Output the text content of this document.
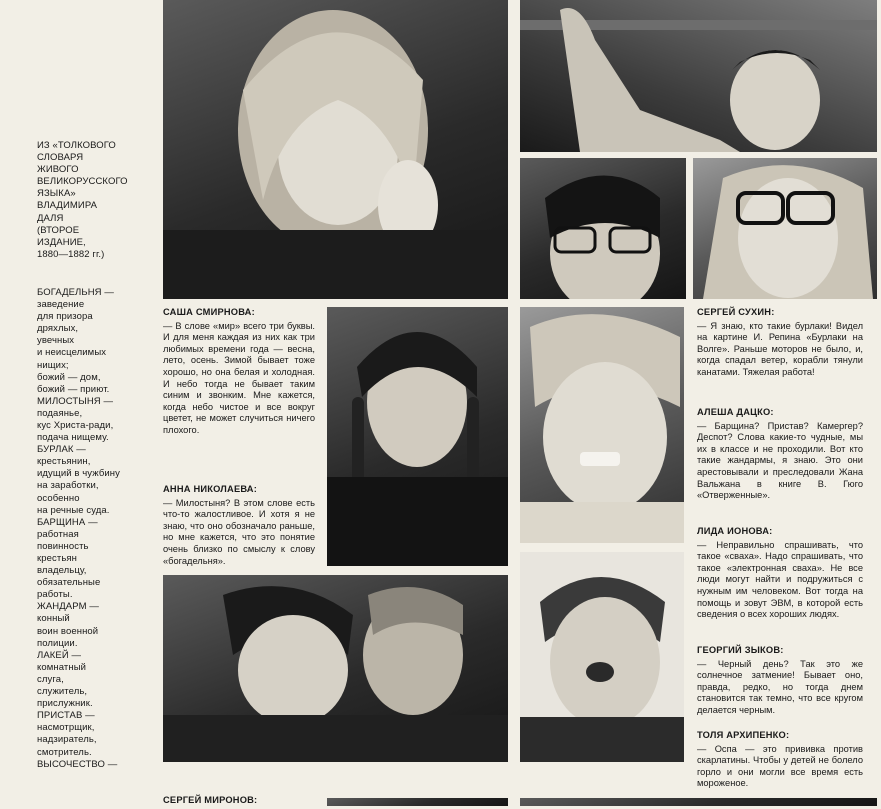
ИЗ «ТОЛКОВОГО
СЛОВАРЯ
ЖИВОГО
ВЕЛИКОРУССКОГО
ЯЗЫКА»
ВЛАДИМИРА
ДАЛЯ
(ВТОРОЕ
ИЗДАНИЕ,
1880—1882 гг.)

БОГАДЕЛЬНЯ —

заведение

для призора

дряхлых,

увечных

и неисцелимых

нищих;

божий — дом,

божий — приют.

МИЛОСТЫНЯ —

подаянье,

кус Христа-ради,

подача нищему.

БУРЛАК —

крестьянин,

идущий в чужбину

на заработки,

особенно

на речные суда.

БАРЩИНА —

работная

повинность

крестьян

владельцу,

обязательные

работы.

ЖАНДАРМ —

конный

воин военной

полиции.

ЛАКЕЙ —

комнатный

слуга,

служитель,

прислужник.

ПРИСТАВ —

насмотрщик,

надзиратель,

смотритель.

ВЫСОЧЕСТВО —

САША СМИРНОВА:
— В слове «мир» всего три буквы. И для меня каждая из них как три любимых времени года — весна, лето, осень. Зимой бывает тоже хорошо, но она белая и холодная. И небо тогда не бывает таким синим и звонким. Мне кажется, когда небо чистое и все вокруг цветет, не может случиться ничего плохого.
АННА НИКОЛАЕВА:
— Милостыня? В этом слове есть что-то жалостливое. И хотя я не знаю, что оно обозначало раньше, но мне кажется, что это понятие очень близко по смыслу к слову «богадельня».
СЕРГЕЙ МИРОНОВ:
СЕРГЕЙ СУХИН:
— Я знаю, кто такие бурлаки! Видел на картине И. Репина «Бурлаки на Волге». Раньше моторов не было, и, когда спадал ветер, корабли тянули канатами. Тяжелая работа!
АЛЕША ДАЦКО:
— Барщина? Пристав? Камергер? Деспот? Слова какие-то чудные, мы их в классе и не проходили. Вот кто такие жандармы, я знаю. Это они арестовывали и преследовали Жана Вальжана в книге В. Гюго «Отверженные».
ЛИДА ИОНОВА:
— Неправильно спрашивать, что такое «сваха». Надо спрашивать, что такое «электронная сваха». Не все люди могут найти и подружиться с нужным им человеком. Вот тогда на помощь и зовут ЭВМ, в которой есть сведения о всех хороших людях.
ГЕОРГИЙ ЗЫКОВ:
— Черный день? Так это же солнечное затмение! Бывает оно, правда, редко, но тогда днем становится так темно, что все кругом делается черным.
ТОЛЯ АРХИПЕНКО:
— Оспа — это прививка против скарлатины. Чтобы у детей не болело горло и они могли все время есть мороженое.
